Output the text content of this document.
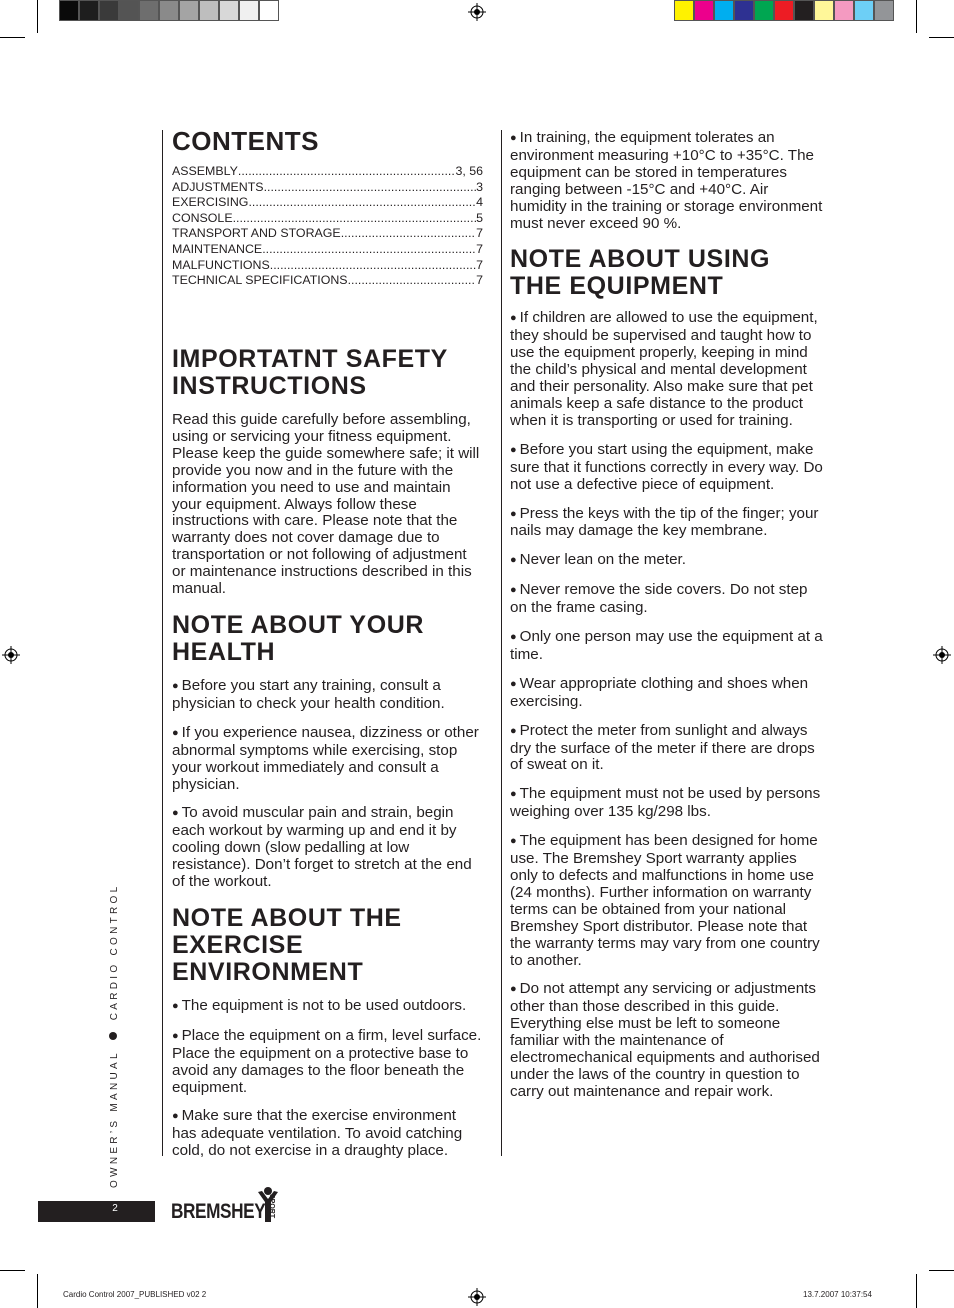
CONTENTS
ASSEMBLY .....	3, 56
ADJUSTMENTS .....	3
EXERCISING .....	4
CONSOLE .....	5
TRANSPORT AND STORAGE .....	7
MAINTENANCE .....	7
MALFUNCTIONS .....	7
TECHNICAL SPECIFICATIONS .....	7
IMPORTATNT SAFETY INSTRUCTIONS

Read this guide carefully before assembling, using or servicing your fitness equipment. Please keep the guide somewhere safe; it will provide you now and in the future with the information you need to use and maintain your equipment. Always follow these instructions with care. Please note that the warranty does not cover damage due to transportation or not following of adjustment or maintenance instructions described in this manual.

NOTE ABOUT YOUR HEALTH

● Before you start any training, consult a physician to check your health condition.

● If you experience nausea, dizziness or other abnormal symptoms while exercising, stop your workout immediately and consult a physician.

● To avoid muscular pain and strain, begin each workout by warming up and end it by cooling down (slow pedalling at low resistance). Don’t forget to stretch at the end of the workout.

NOTE ABOUT THE EXERCISE ENVIRONMENT

● The equipment is not to be used outdoors.

● Place the equipment on a firm, level surface. Place the equipment on a protective base to avoid any damages to the floor beneath the equipment.

● Make sure that the exercise environment has adequate ventilation. To avoid catching cold, do not exercise in a draughty place.

● In training, the equipment tolerates an environment measuring +10°C to +35°C. The equipment can be stored in temperatures ranging between -15°C and +40°C. Air humidity in the training or storage environment must never exceed 90 %.

NOTE ABOUT USING THE EQUIPMENT

● If children are allowed to use the equipment, they should be supervised and taught how to use the equipment properly, keeping in mind the child’s physical and mental development and their personality. Also make sure that pet animals keep a safe distance to the product when it is transporting or used for training.

● Before you start using the equipment, make sure that it functions correctly in every way. Do not use a defective piece of equipment.

● Press the keys with the tip of the finger; your nails may damage the key membrane.

● Never lean on the meter.

● Never remove the side covers. Do not step on the frame casing.

● Only one person may use the equipment at a time.

● Wear appropriate clothing and shoes when exercising.

● Protect the meter from sunlight and always dry the surface of the meter if there are drops of sweat on it.

● The equipment must not be used by persons weighing over 135 kg/298 lbs.

● The equipment has been designed for home use. The Bremshey Sport warranty applies only to defects and malfunctions in home use (24 months). Further information on warranty terms can be obtained from your national Bremshey Sport distributor. Please note that the warranty terms may vary from one country to another.

● Do not attempt any servicing or adjustments other than those described in this guide. Everything else must be left to someone familiar with the maintenance of electromechanical equipments and authorised under the laws of the country in question to carry out maintenance and repair work.

OWNER’S MANUAL  CARDIO CONTROL
2	BREMSHEY SPORT
Cardio Control 2007_PUBLISHED v02 2	13.7.2007 10:37:54
